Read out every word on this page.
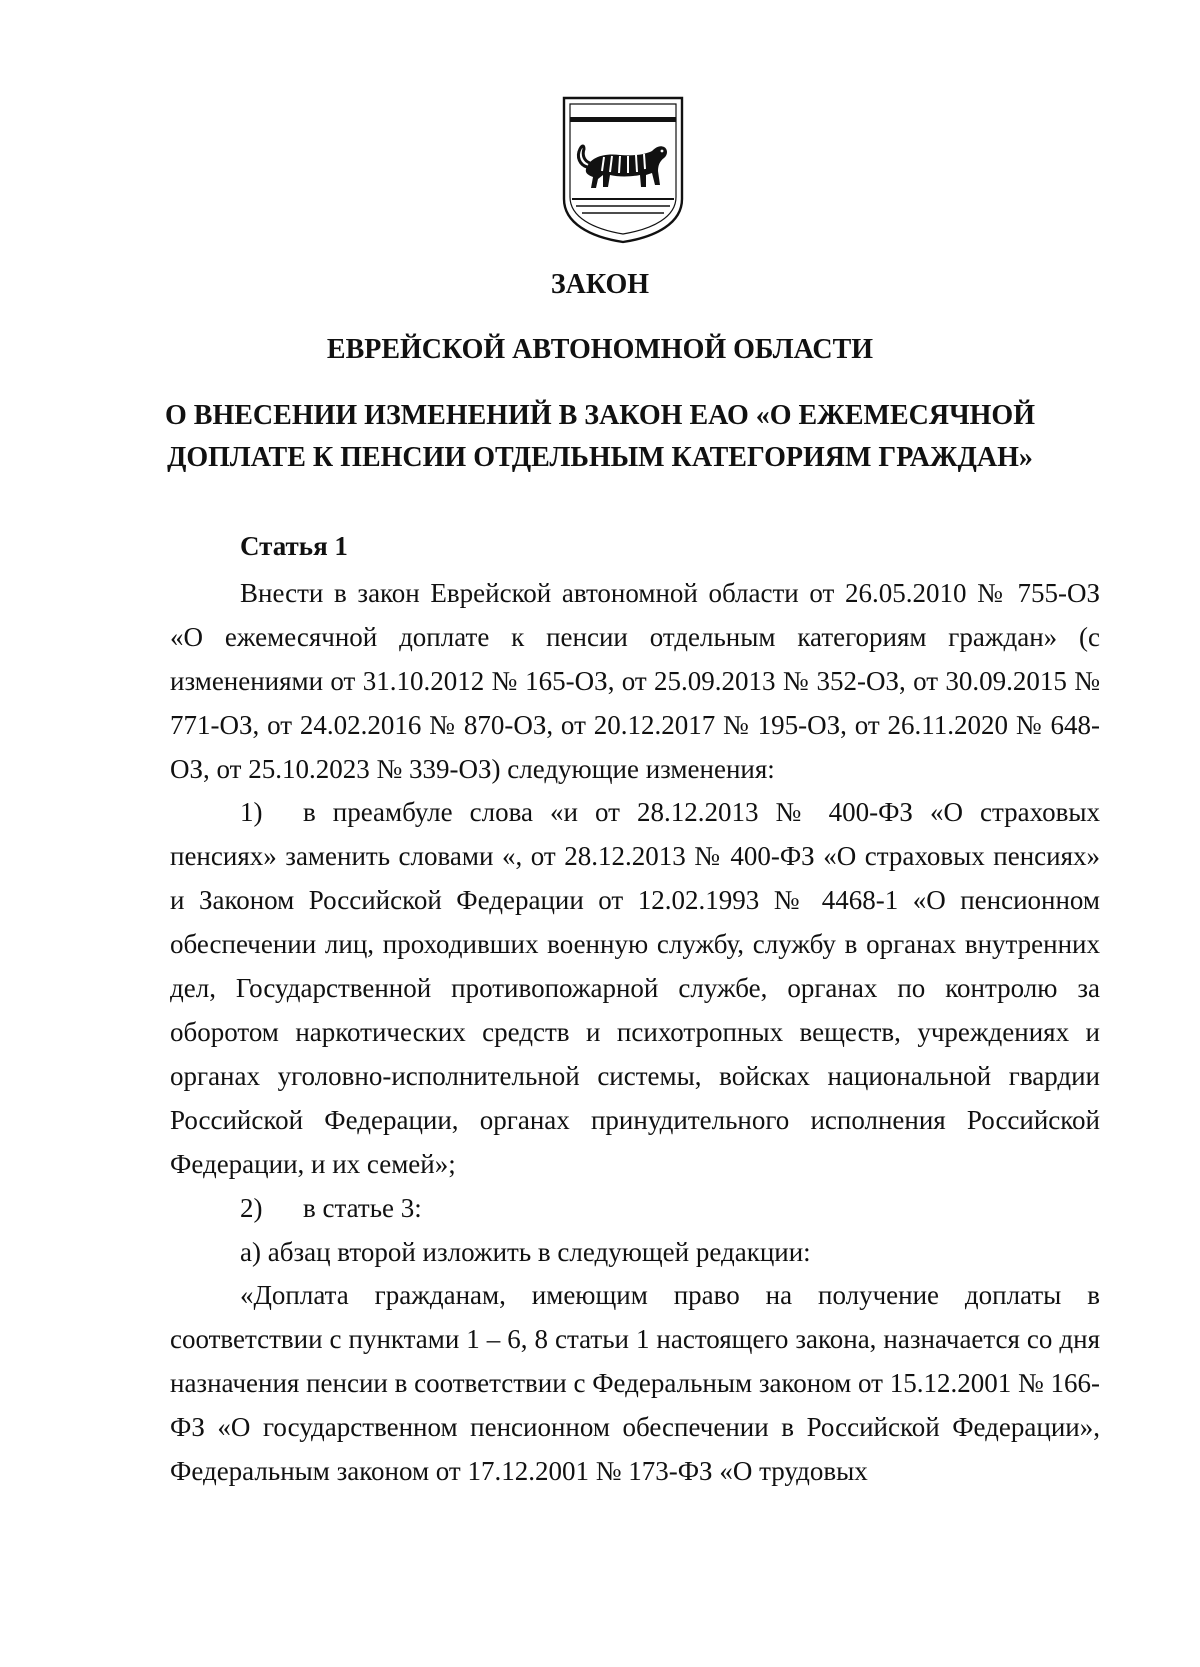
ЗАКОН
ЕВРЕЙСКОЙ АВТОНОМНОЙ ОБЛАСТИ
О ВНЕСЕНИИ ИЗМЕНЕНИЙ В ЗАКОН ЕАО «О ЕЖЕМЕСЯЧНОЙ
ДОПЛАТЕ К ПЕНСИИ ОТДЕЛЬНЫМ КАТЕГОРИЯМ ГРАЖДАН»
Статья 1

Внести в закон Еврейской автономной области от 26.05.2010 № 755-ОЗ «О ежемесячной доплате к пенсии отдельным категориям граждан» (с изменениями от 31.10.2012 № 165-ОЗ, от 25.09.2013 № 352-ОЗ, от 30.09.2015 № 771-ОЗ, от 24.02.2016 № 870-ОЗ, от 20.12.2017 № 195-ОЗ, от 26.11.2020 № 648-ОЗ, от 25.10.2023 № 339-ОЗ) следующие изменения:

1) в преамбуле слова «и от 28.12.2013 № 400-ФЗ «О страховых пенсиях» заменить словами «, от 28.12.2013 № 400-ФЗ «О страховых пенсиях» и Законом Российской Федерации от 12.02.1993 № 4468-1 «О пенсионном обеспечении лиц, проходивших военную службу, службу в органах внутренних дел, Государственной противопожарной службе, органах по контролю за оборотом наркотических средств и психотропных веществ, учреждениях и органах уголовно-исполнительной системы, войсках национальной гвардии Российской Федерации, органах принудительного исполнения Российской Федерации, и их семей»;

2) в статье 3:

а) абзац второй изложить в следующей редакции:

«Доплата гражданам, имеющим право на получение доплаты в соответствии с пунктами 1 – 6, 8 статьи 1 настоящего закона, назначается со дня назначения пенсии в соответствии с Федеральным законом от 15.12.2001 № 166-ФЗ «О государственном пенсионном обеспечении в Российской Федерации», Федеральным законом от 17.12.2001 № 173-ФЗ «О трудовых
